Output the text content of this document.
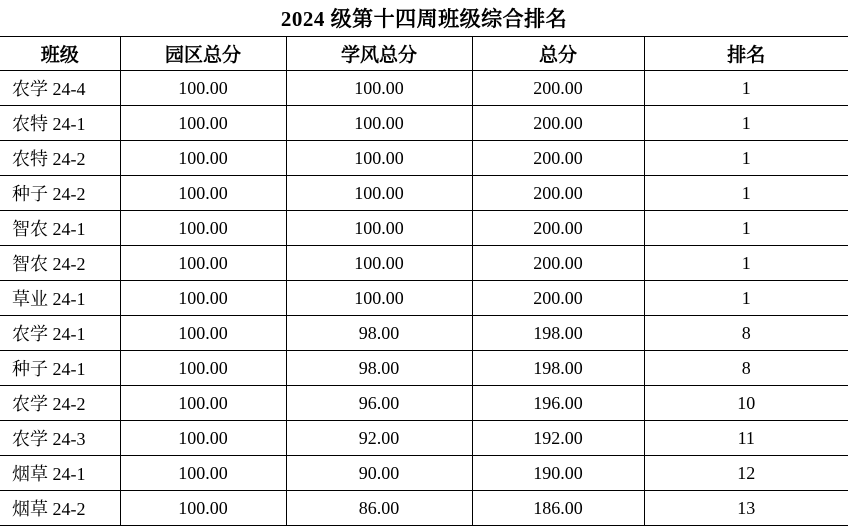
2024 级第十四周班级综合排名				
班级	园区总分	学风总分	总分	排名
农学 24-4	100.00	100.00	200.00	1
农特 24-1	100.00	100.00	200.00	1
农特 24-2	100.00	100.00	200.00	1
种子 24-2	100.00	100.00	200.00	1
智农 24-1	100.00	100.00	200.00	1
智农 24-2	100.00	100.00	200.00	1
草业 24-1	100.00	100.00	200.00	1
农学 24-1	100.00	98.00	198.00	8
种子 24-1	100.00	98.00	198.00	8
农学 24-2	100.00	96.00	196.00	10
农学 24-3	100.00	92.00	192.00	11
烟草 24-1	100.00	90.00	190.00	12
烟草 24-2	100.00	86.00	186.00	13
